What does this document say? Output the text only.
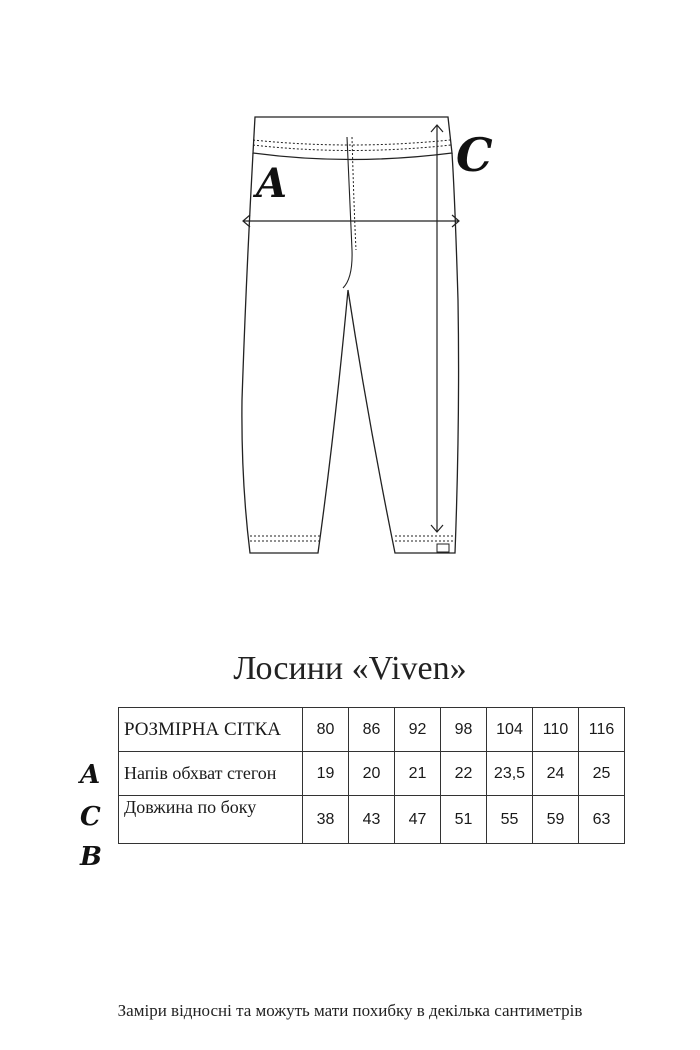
A
C
Лосини «Viven»
РОЗМІРНА СІТКА	80	86	92	98	104	110	116
Напів обхват стегон	19	20	21	22	23,5	24	25
Довжина по боку	38	43	47	51	55	59	63
A
C
B
Заміри відносні та можуть мати похибку в декілька сантиметрів
